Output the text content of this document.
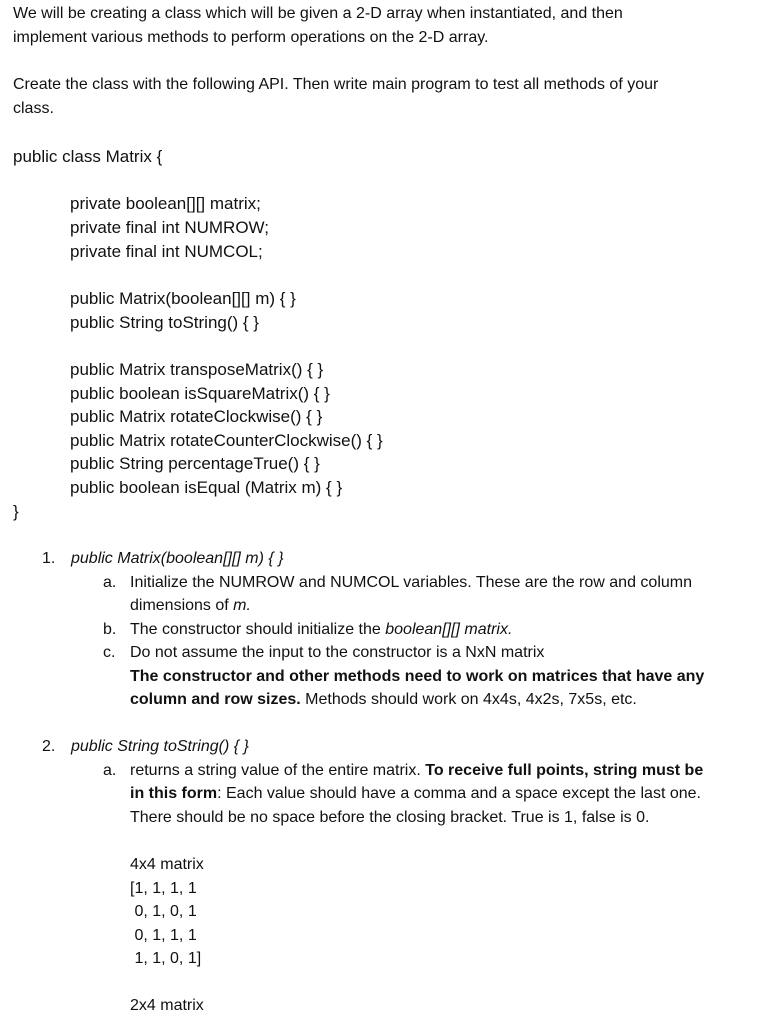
We will be creating a class which will be given a 2-D array when instantiated, and then
implement various methods to perform operations on the 2-D array.
Create the class with the following API. Then write main program to test all methods of your
class.
public class Matrix {
private boolean[][] matrix;
private final int NUMROW;
private final int NUMCOL;
public Matrix(boolean[][] m) { }
public String toString() { }
public Matrix transposeMatrix() { }
public boolean isSquareMatrix() { }
public Matrix rotateClockwise() { }
public Matrix rotateCounterClockwise() { }
public String percentageTrue() { }
public boolean isEqual (Matrix m) { }
}
1. public Matrix(boolean[][] m) { }
a. Initialize the NUMROW and NUMCOL variables. These are the row and column
dimensions of m.
b. The constructor should initialize the boolean[][] matrix.
c. Do not assume the input to the constructor is a NxN matrix
The constructor and other methods need to work on matrices that have any
column and row sizes. Methods should work on 4x4s, 4x2s, 7x5s, etc.
2. public String toString() { }
a. returns a string value of the entire matrix. To receive full points, string must be
in this form: Each value should have a comma and a space except the last one.
There should be no space before the closing bracket. True is 1, false is 0.
4x4 matrix
[1, 1, 1, 1
0, 1, 0, 1
0, 1, 1, 1
1, 1, 0, 1]
2x4 matrix
